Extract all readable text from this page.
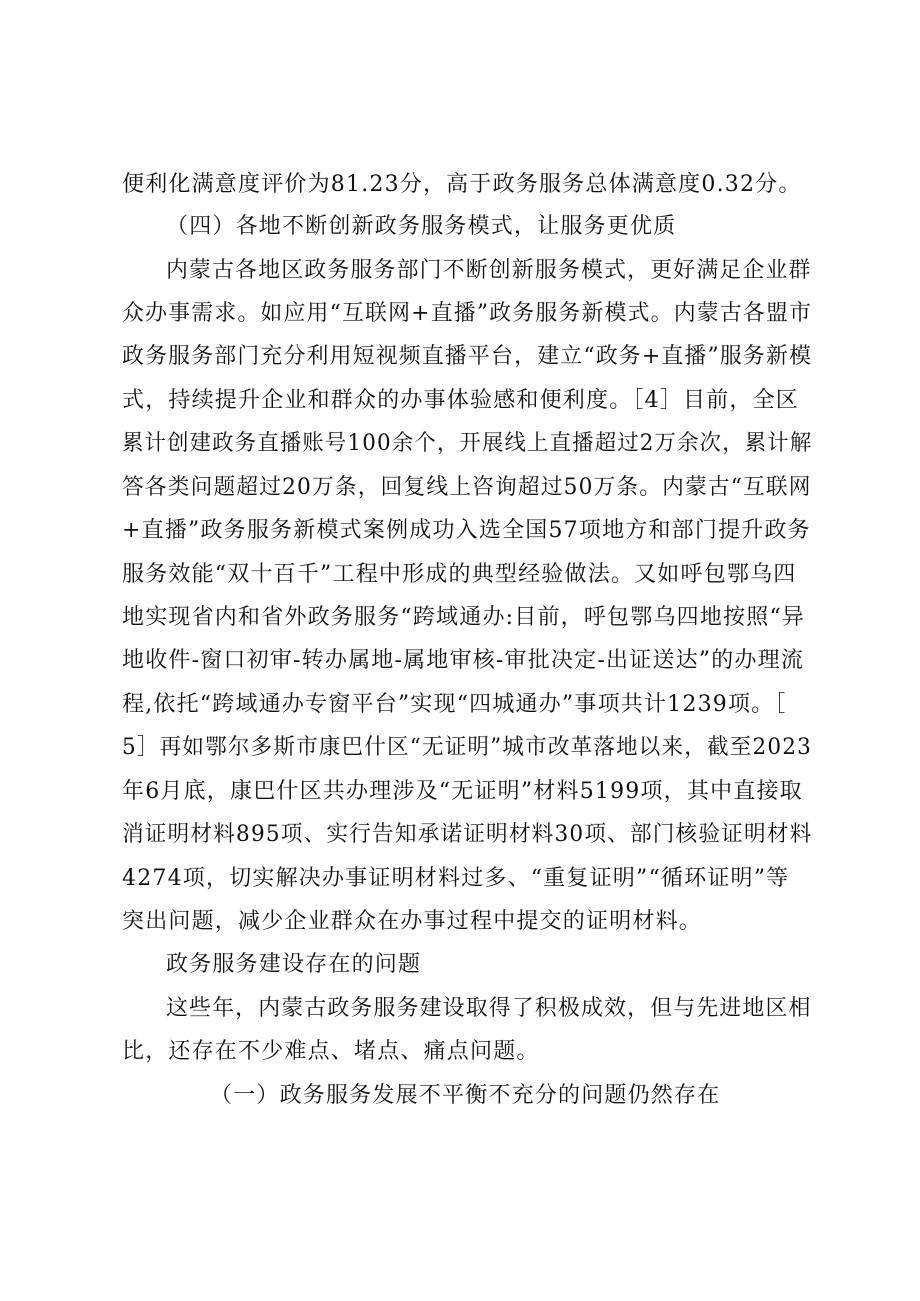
便利化满意度评价为81.23分，高于政务服务总体满意度0.32分。
（四）各地不断创新政务服务模式，让服务更优质
内蒙古各地区政务服务部门不断创新服务模式，更好满足企业群
众办事需求。如应用“互联网+直播”政务服务新模式。内蒙古各盟市
政务服务部门充分利用短视频直播平台，建立“政务+直播”服务新模
式，持续提升企业和群众的办事体验感和便利度。［4］目前，全区
累计创建政务直播账号100余个，开展线上直播超过2万余次，累计解
答各类问题超过20万条，回复线上咨询超过50万条。内蒙古“互联网
+直播”政务服务新模式案例成功入选全国57项地方和部门提升政务
服务效能“双十百千”工程中形成的典型经验做法。又如呼包鄂乌四
地实现省内和省外政务服务“跨域通办:目前，呼包鄂乌四地按照“异
地收件-窗口初审-转办属地-属地审核-审批决定-出证送达”的办理流
程,依托“跨域通办专窗平台”实现“四城通办”事项共计1239项。［
5］再如鄂尔多斯市康巴什区“无证明”城市改革落地以来，截至2023
年6月底，康巴什区共办理涉及“无证明”材料5199项，其中直接取
消证明材料895项、实行告知承诺证明材料30项、部门核验证明材料
4274项，切实解决办事证明材料过多、“重复证明”“循环证明”等
突出问题，减少企业群众在办事过程中提交的证明材料。
政务服务建设存在的问题
这些年，内蒙古政务服务建设取得了积极成效，但与先进地区相
比，还存在不少难点、堵点、痛点问题。
（一）政务服务发展不平衡不充分的问题仍然存在
